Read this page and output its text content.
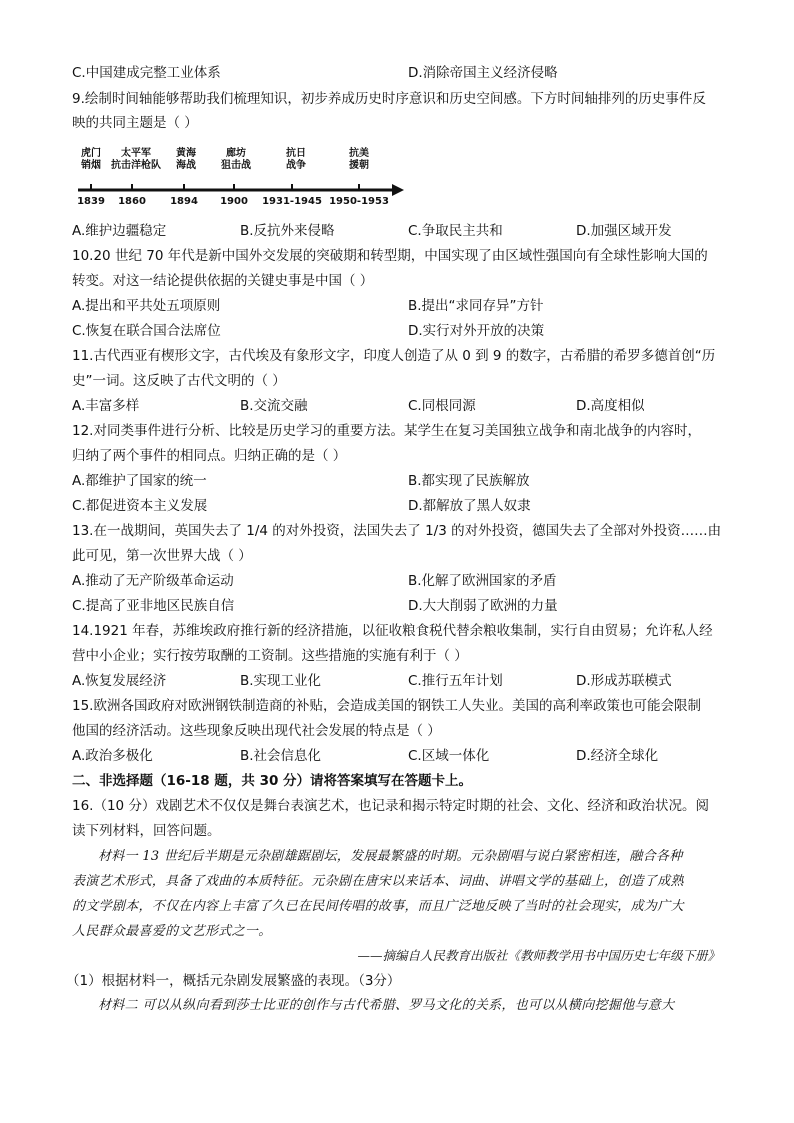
C.中国建成完整工业体系	D.消除帝国主义经济侵略
9.绘制时间轴能够帮助我们梳理知识，初步养成历史时序意识和历史空间感。下方时间轴排列的历史事件反
映的共同主题是（ ）
虎门
销烟
太平军
抗击洋枪队
黄海
海战
廊坊
狙击战
抗日
战争
抗美
援朝
1839 1860 1894 1900 1931-1945 1950-1953
A.维护边疆稳定	B.反抗外来侵略	C.争取民主共和	D.加强区域开发
10.20 世纪 70 年代是新中国外交发展的突破期和转型期，中国实现了由区域性强国向有全球性影响大国的
转变。对这一结论提供依据的关键史事是中国（ ）
A.提出和平共处五项原则	B.提出“求同存异”方针
C.恢复在联合国合法席位	D.实行对外开放的决策
11.古代西亚有楔形文字，古代埃及有象形文字，印度人创造了从 0 到 9 的数字，古希腊的希罗多德首创“历
史”一词。这反映了古代文明的（ ）
A.丰富多样	B.交流交融	C.同根同源	D.高度相似
12.对同类事件进行分析、比较是历史学习的重要方法。某学生在复习美国独立战争和南北战争的内容时，
归纳了两个事件的相同点。归纳正确的是（ ）
A.都维护了国家的统一	B.都实现了民族解放
C.都促进资本主义发展	D.都解放了黑人奴隶
13.在一战期间，英国失去了 1/4 的对外投资，法国失去了 1/3 的对外投资，德国失去了全部对外投资……由
此可见，第一次世界大战（ ）
A.推动了无产阶级革命运动	B.化解了欧洲国家的矛盾
C.提高了亚非地区民族自信	D.大大削弱了欧洲的力量
14.1921 年春，苏维埃政府推行新的经济措施，以征收粮食税代替余粮收集制，实行自由贸易；允许私人经
营中小企业；实行按劳取酬的工资制。这些措施的实施有利于（ ）
A.恢复发展经济	B.实现工业化	C.推行五年计划	D.形成苏联模式
15.欧洲各国政府对欧洲钢铁制造商的补贴，会造成美国的钢铁工人失业。美国的高利率政策也可能会限制
他国的经济活动。这些现象反映出现代社会发展的特点是（ ）
A.政治多极化	B.社会信息化	C.区域一体化	D.经济全球化
二、非选择题（16-18 题，共 30 分）请将答案填写在答题卡上。
16.（10 分）戏剧艺术不仅仅是舞台表演艺术，也记录和揭示特定时期的社会、文化、经济和政治状况。阅
读下列材料，回答问题。
材料一 13 世纪后半期是元杂剧雄踞剧坛，发展最繁盛的时期。元杂剧唱与说白紧密相连，融合各种
表演艺术形式，具备了戏曲的本质特征。元杂剧在唐宋以来话本、词曲、讲唱文学的基础上，创造了成熟
的文学剧本，不仅在内容上丰富了久已在民间传唱的故事，而且广泛地反映了当时的社会现实，成为广大
人民群众最喜爱的文艺形式之一。
——摘编自人民教育出版社《教师教学用书中国历史七年级下册》
（1）根据材料一，概括元杂剧发展繁盛的表现。（3分）
材料二 可以从纵向看到莎士比亚的创作与古代希腊、罗马文化的关系，也可以从横向挖掘他与意大
